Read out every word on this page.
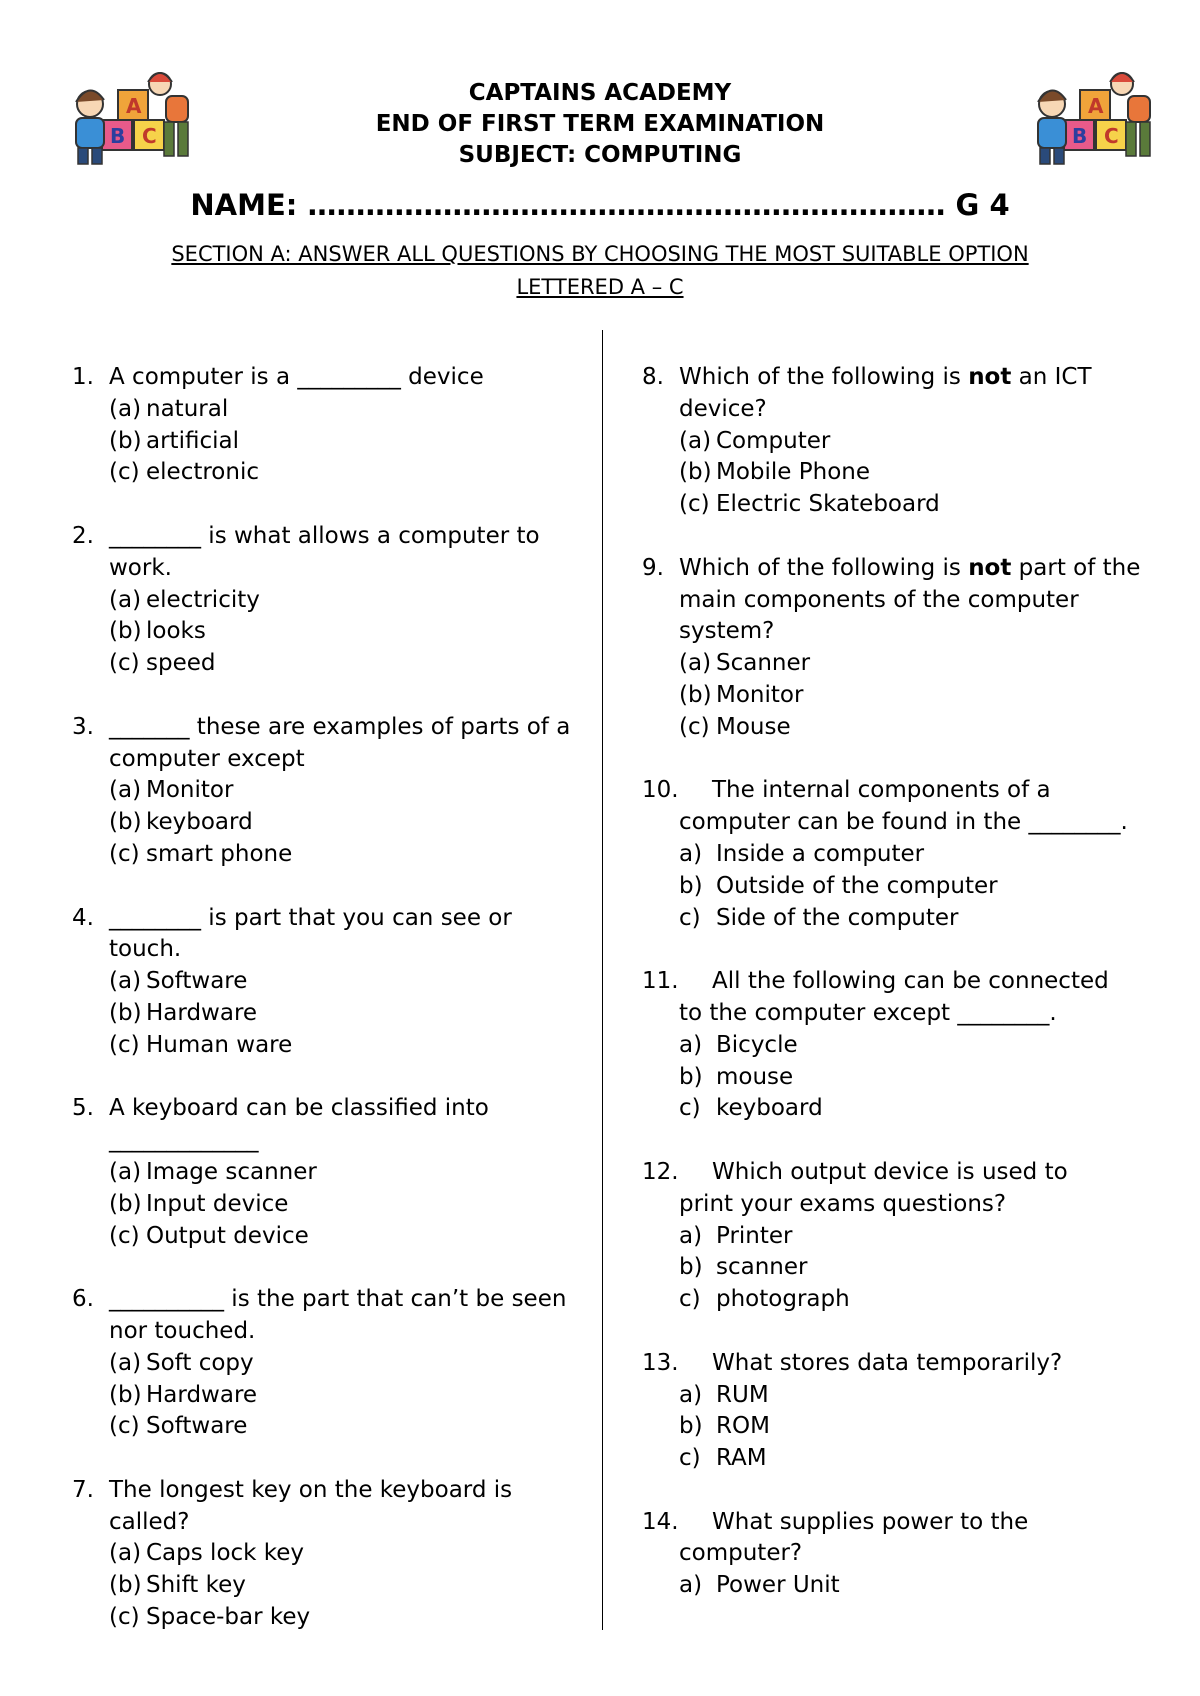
A
B C
A
B C
CAPTAINS ACADEMY
END OF FIRST TERM EXAMINATION
SUBJECT: COMPUTING
NAME: ………………………………………………………… G 4
SECTION A: ANSWER ALL QUESTIONS BY CHOOSING THE MOST SUITABLE OPTION
LETTERED A – C
1. A computer is a _________ device
(a) natural
(b) artificial
(c) electronic
2. ________ is what allows a computer to work.
(a) electricity
(b) looks
(c) speed
3. _______ these are examples of parts of a computer except
(a) Monitor
(b) keyboard
(c) smart phone
4. ________ is part that you can see or touch.
(a) Software
(b) Hardware
(c) Human ware
5. A keyboard can be classified into
_____________
(a) Image scanner
(b) Input device
(c) Output device
6. __________ is the part that can’t be seen nor touched.
(a) Soft copy
(b) Hardware
(c) Software
7. The longest key on the keyboard is called?
(a) Caps lock key
(b) Shift key
(c) Space-bar key
8. Which of the following is not an ICT device?
(a) Computer
(b) Mobile Phone
(c) Electric Skateboard
9. Which of the following is not part of the main components of the computer system?
(a) Scanner
(b) Monitor
(c) Mouse
10.	The internal components of a
computer can be found in the ________.
a) Inside a computer
b) Outside of the computer
c) Side of the computer
11.	All the following can be connected
to the computer except ________.
a) Bicycle
b) mouse
c) keyboard
12.	Which output device is used to
print your exams questions?
a) Printer
b) scanner
c) photograph
13.	What stores data temporarily?
a) RUM
b) ROM
c) RAM
14.	What supplies power to the
computer?
a) Power Unit
